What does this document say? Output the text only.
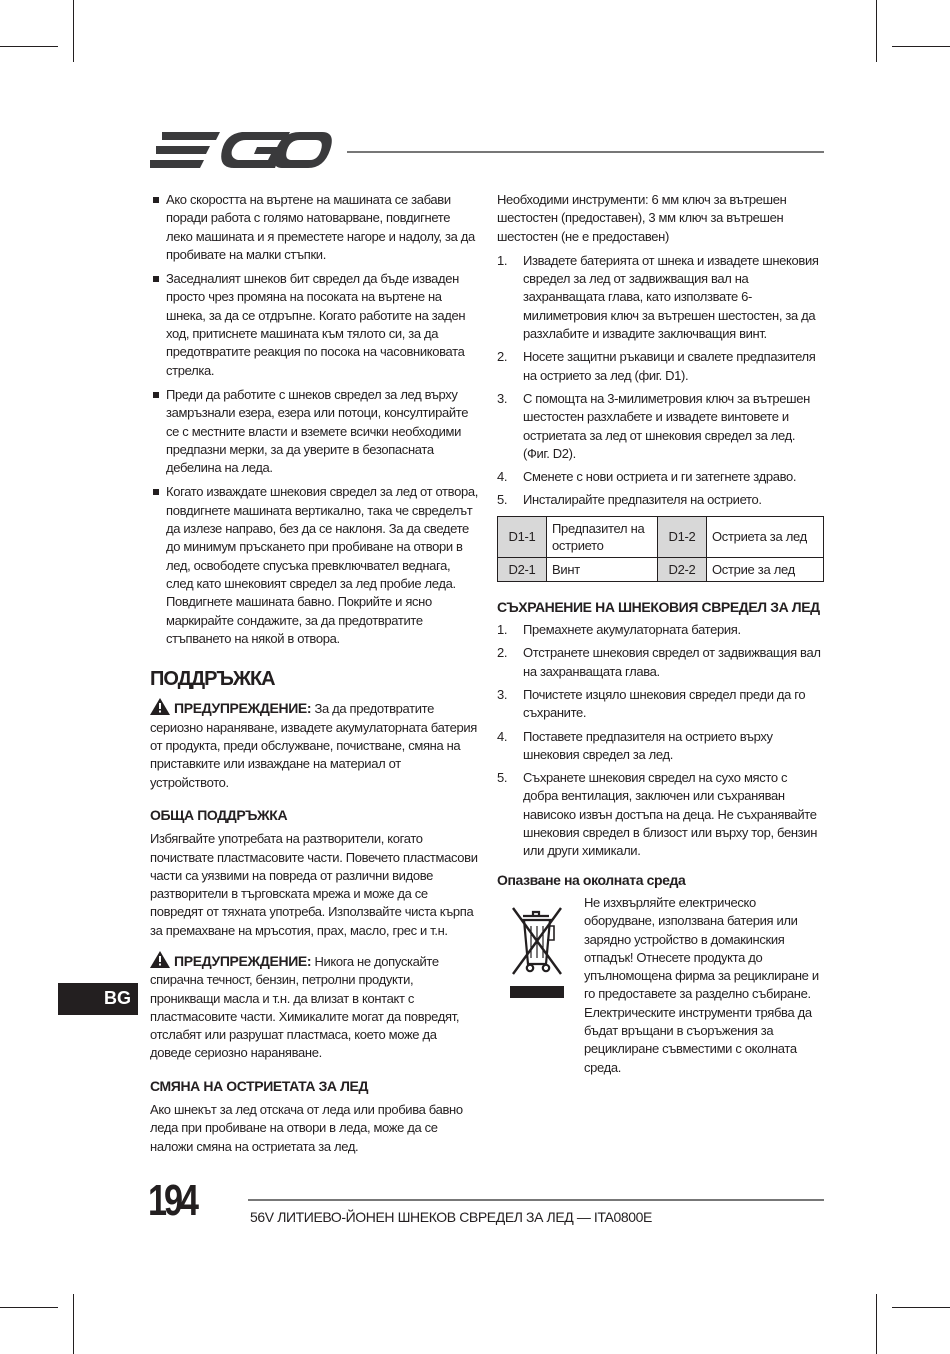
BG
Ако скоростта на въртене на машината се забави поради работа с голямо натоварване, повдигнете леко машината и я преместете нагоре и надолу, за да пробивате на малки стъпки.
Заседналият шнеков бит свредел да бъде изваден просто чрез промяна на посоката на въртене на шнека, за да се отдръпне. Когато работите на заден ход, притиснете машината към тялото си, за да предотвратите реакция по посока на часовниковата стрелка.
Преди да работите с шнеков свредел за лед върху замръзнали езера, езера или потоци, консултирайте се с местните власти и вземете всички необходими предпазни мерки, за да уверите в безопасната дебелина на леда.
Когато изваждате шнековия свредел за лед от отвора, повдигнете машината вертикално, така че свределът да излезе направо, без да се наклоня. За да сведете до минимум пръскането при пробиване на отвори в лед, освободете спусъка превключвател веднага, след като шнековият свредел за лед пробие леда. Повдигнете машината бавно. Покрийте и ясно маркирайте сондажите, за да предотвратите стъпването на някой в отвора.
ПОДДРЪЖКА
ПРЕДУПРЕЖДЕНИЕ: За да предотвратите сериозно нараняване, извадете акумулаторната батерия от продукта, преди обслужване, почистване, смяна на приставките или изваждане на материал от устройството.
ОБЩА ПОДДРЪЖКА
Избягвайте употребата на разтворители, когато почиствате пластмасовите части. Повечето пластмасови части са уязвими на повреда от различни видове разтворители в търговската мрежа и може да се повредят от тяхната употреба. Използвайте чиста кърпа за премахване на мръсотия, прах, масло, грес и т.н.
ПРЕДУПРЕЖДЕНИЕ: Никога не допускайте спирачна течност, бензин, петролни продукти, проникващи масла и т.н. да влизат в контакт с пластмасовите части. Химикалите могат да повредят, отслабят или разрушат пластмаса, което може да доведе сериозно нараняване.
СМЯНА НА ОСТРИЕТАТА ЗА ЛЕД
Ако шнекът за лед отскача от леда или пробива бавно леда при пробиване на отвори в леда, може да се наложи смяна на остриетата за лед.
Необходими инструменти: 6 мм ключ за вътрешен шестостен (предоставен), 3 мм ключ за вътрешен шестостен (не е предоставен)
1. Извадете батерията от шнека и извадете шнековия свредел за лед от задвижващия вал на захранващата глава, като използвате 6-милиметровия ключ за вътрешен шестостен, за да разхлабите и извадите заключващия винт.
2. Носете защитни ръкавици и свалете предпазителя на острието за лед (фиг. D1).
3. С помощта на 3-милиметровия ключ за вътрешен шестостен разхлабете и извадете винтовете и остриетата за лед от шнековия свредел за лед. (Фиг. D2).
4. Сменете с нови остриета и ги затегнете здраво.
5. Инсталирайте предпазителя на острието.
D1-1	Предпазител на острието	D1-2	Остриета за лед
D2-1	Винт	D2-2	Острие за лед
СЪХРАНЕНИЕ НА ШНЕКОВИЯ СВРЕДЕЛ ЗА ЛЕД
1. Премахнете акумулаторната батерия.
2. Отстранете шнековия свредел от задвижващия вал на захранващата глава.
3. Почистете изцяло шнековия свредел преди да го съхраните.
4. Поставете предпазителя на острието върху шнековия свредел за лед.
5. Съхранете шнековия свредел на сухо място с добра вентилация, заключен или съхраняван нависоко извън достъпа на деца. Не съхранявайте шнековия свредел в близост или върху тор, бензин или други химикали.
Опазване на околната среда
Не изхвърляйте електрическо оборудване, използвана батерия или зарядно устройство в домакинския отпадък! Отнесете продукта до упълномощена фирма за рециклиране и го предоставете за разделно събиране. Електрическите инструменти трябва да бъдат връщани в съоръжения за рециклиране съвместими с околната среда.
194	56V ЛИТИЕВО-ЙОНЕН ШНЕКОВ СВРЕДЕЛ ЗА ЛЕД — ITA0800E
